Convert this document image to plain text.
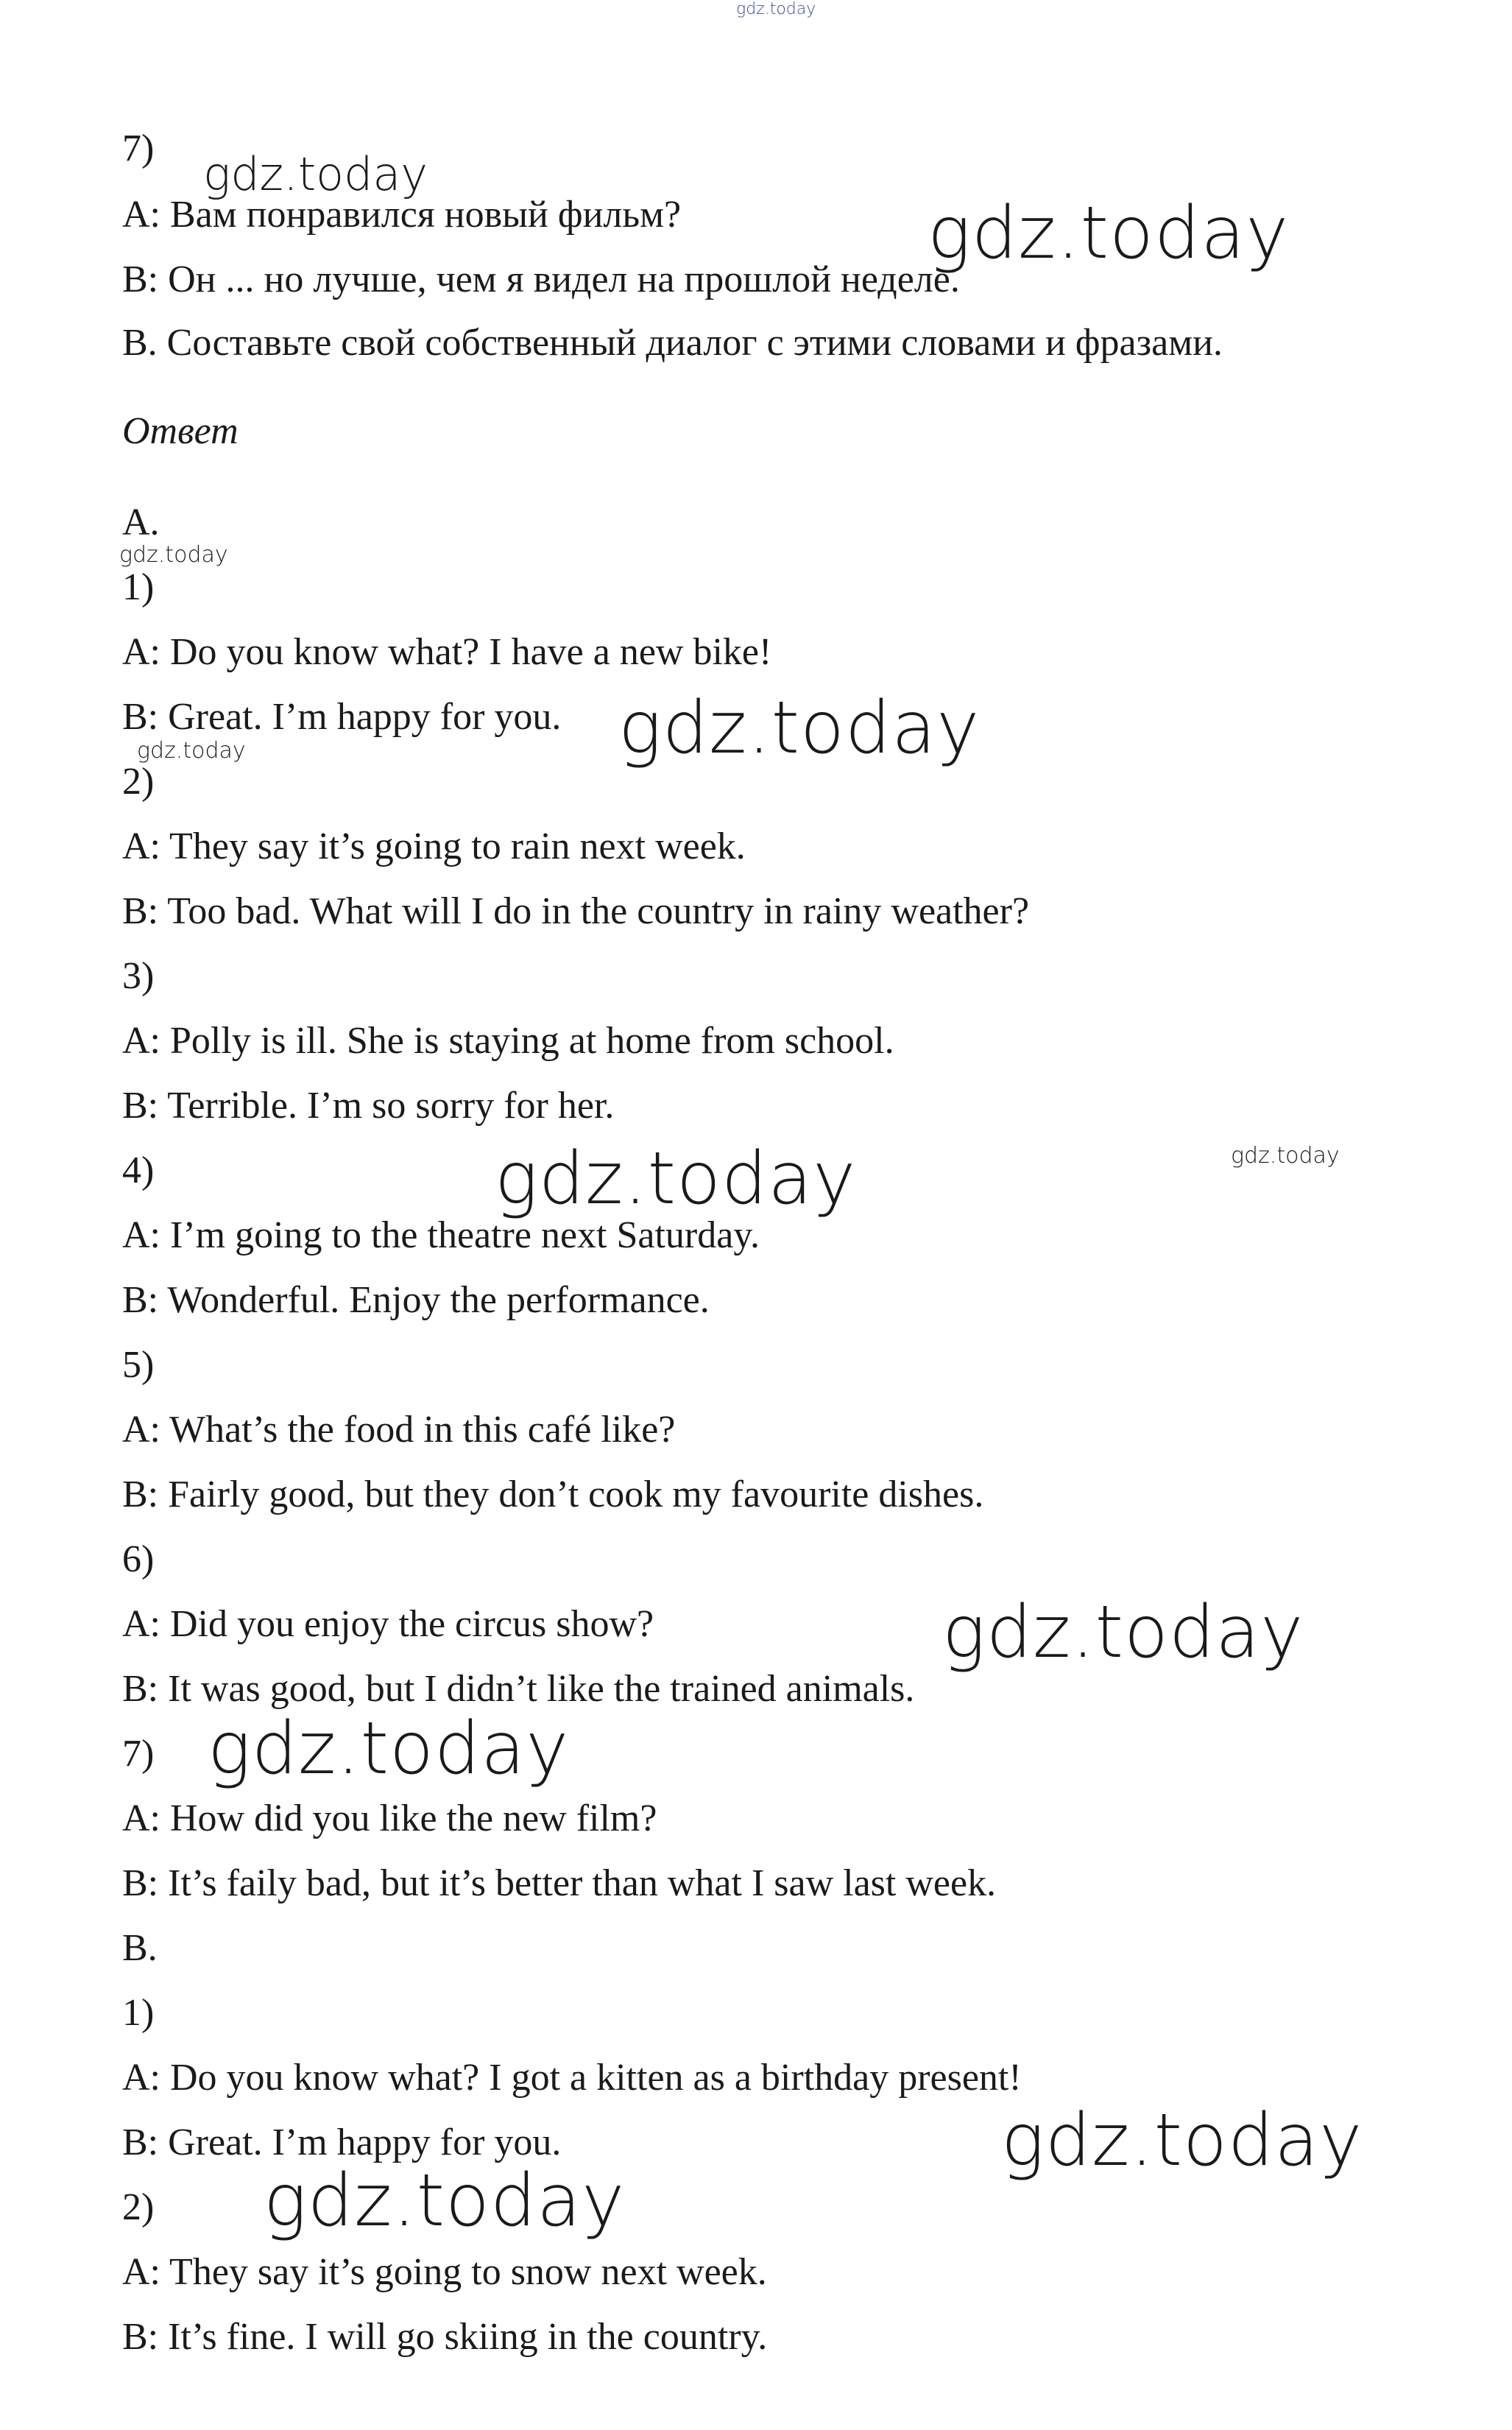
7)
A: Вам понравился новый фильм?
B: Он ... но лучше, чем я видел на прошлой неделе.
B. Составьте свой собственный диалог с этими словами и фразами.
Ответ
A.
1)
A: Do you know what? I have a new bike!
B: Great. I’m happy for you.
2)
A: They say it’s going to rain next week.
B: Too bad. What will I do in the country in rainy weather?
3)
A: Polly is ill. She is staying at home from school.
B: Terrible. I’m so sorry for her.
4)
A: I’m going to the theatre next Saturday.
B: Wonderful. Enjoy the performance.
5)
A: What’s the food in this café like?
B: Fairly good, but they don’t cook my favourite dishes.
6)
A: Did you enjoy the circus show?
B: It was good, but I didn’t like the trained animals.
7)
A: How did you like the new film?
B: It’s faily bad, but it’s better than what I saw last week.
B.
1)
A: Do you know what? I got a kitten as a birthday present!
B: Great. I’m happy for you.
2)
A: They say it’s going to snow next week.
B: It’s fine. I will go skiing in the country.
gdz.today
gdz.today
gdz.today
gdz.today
gdz.today
gdz.today
gdz.today
gdz.today
gdz.today
gdz.today
gdz.today
gdz.today
